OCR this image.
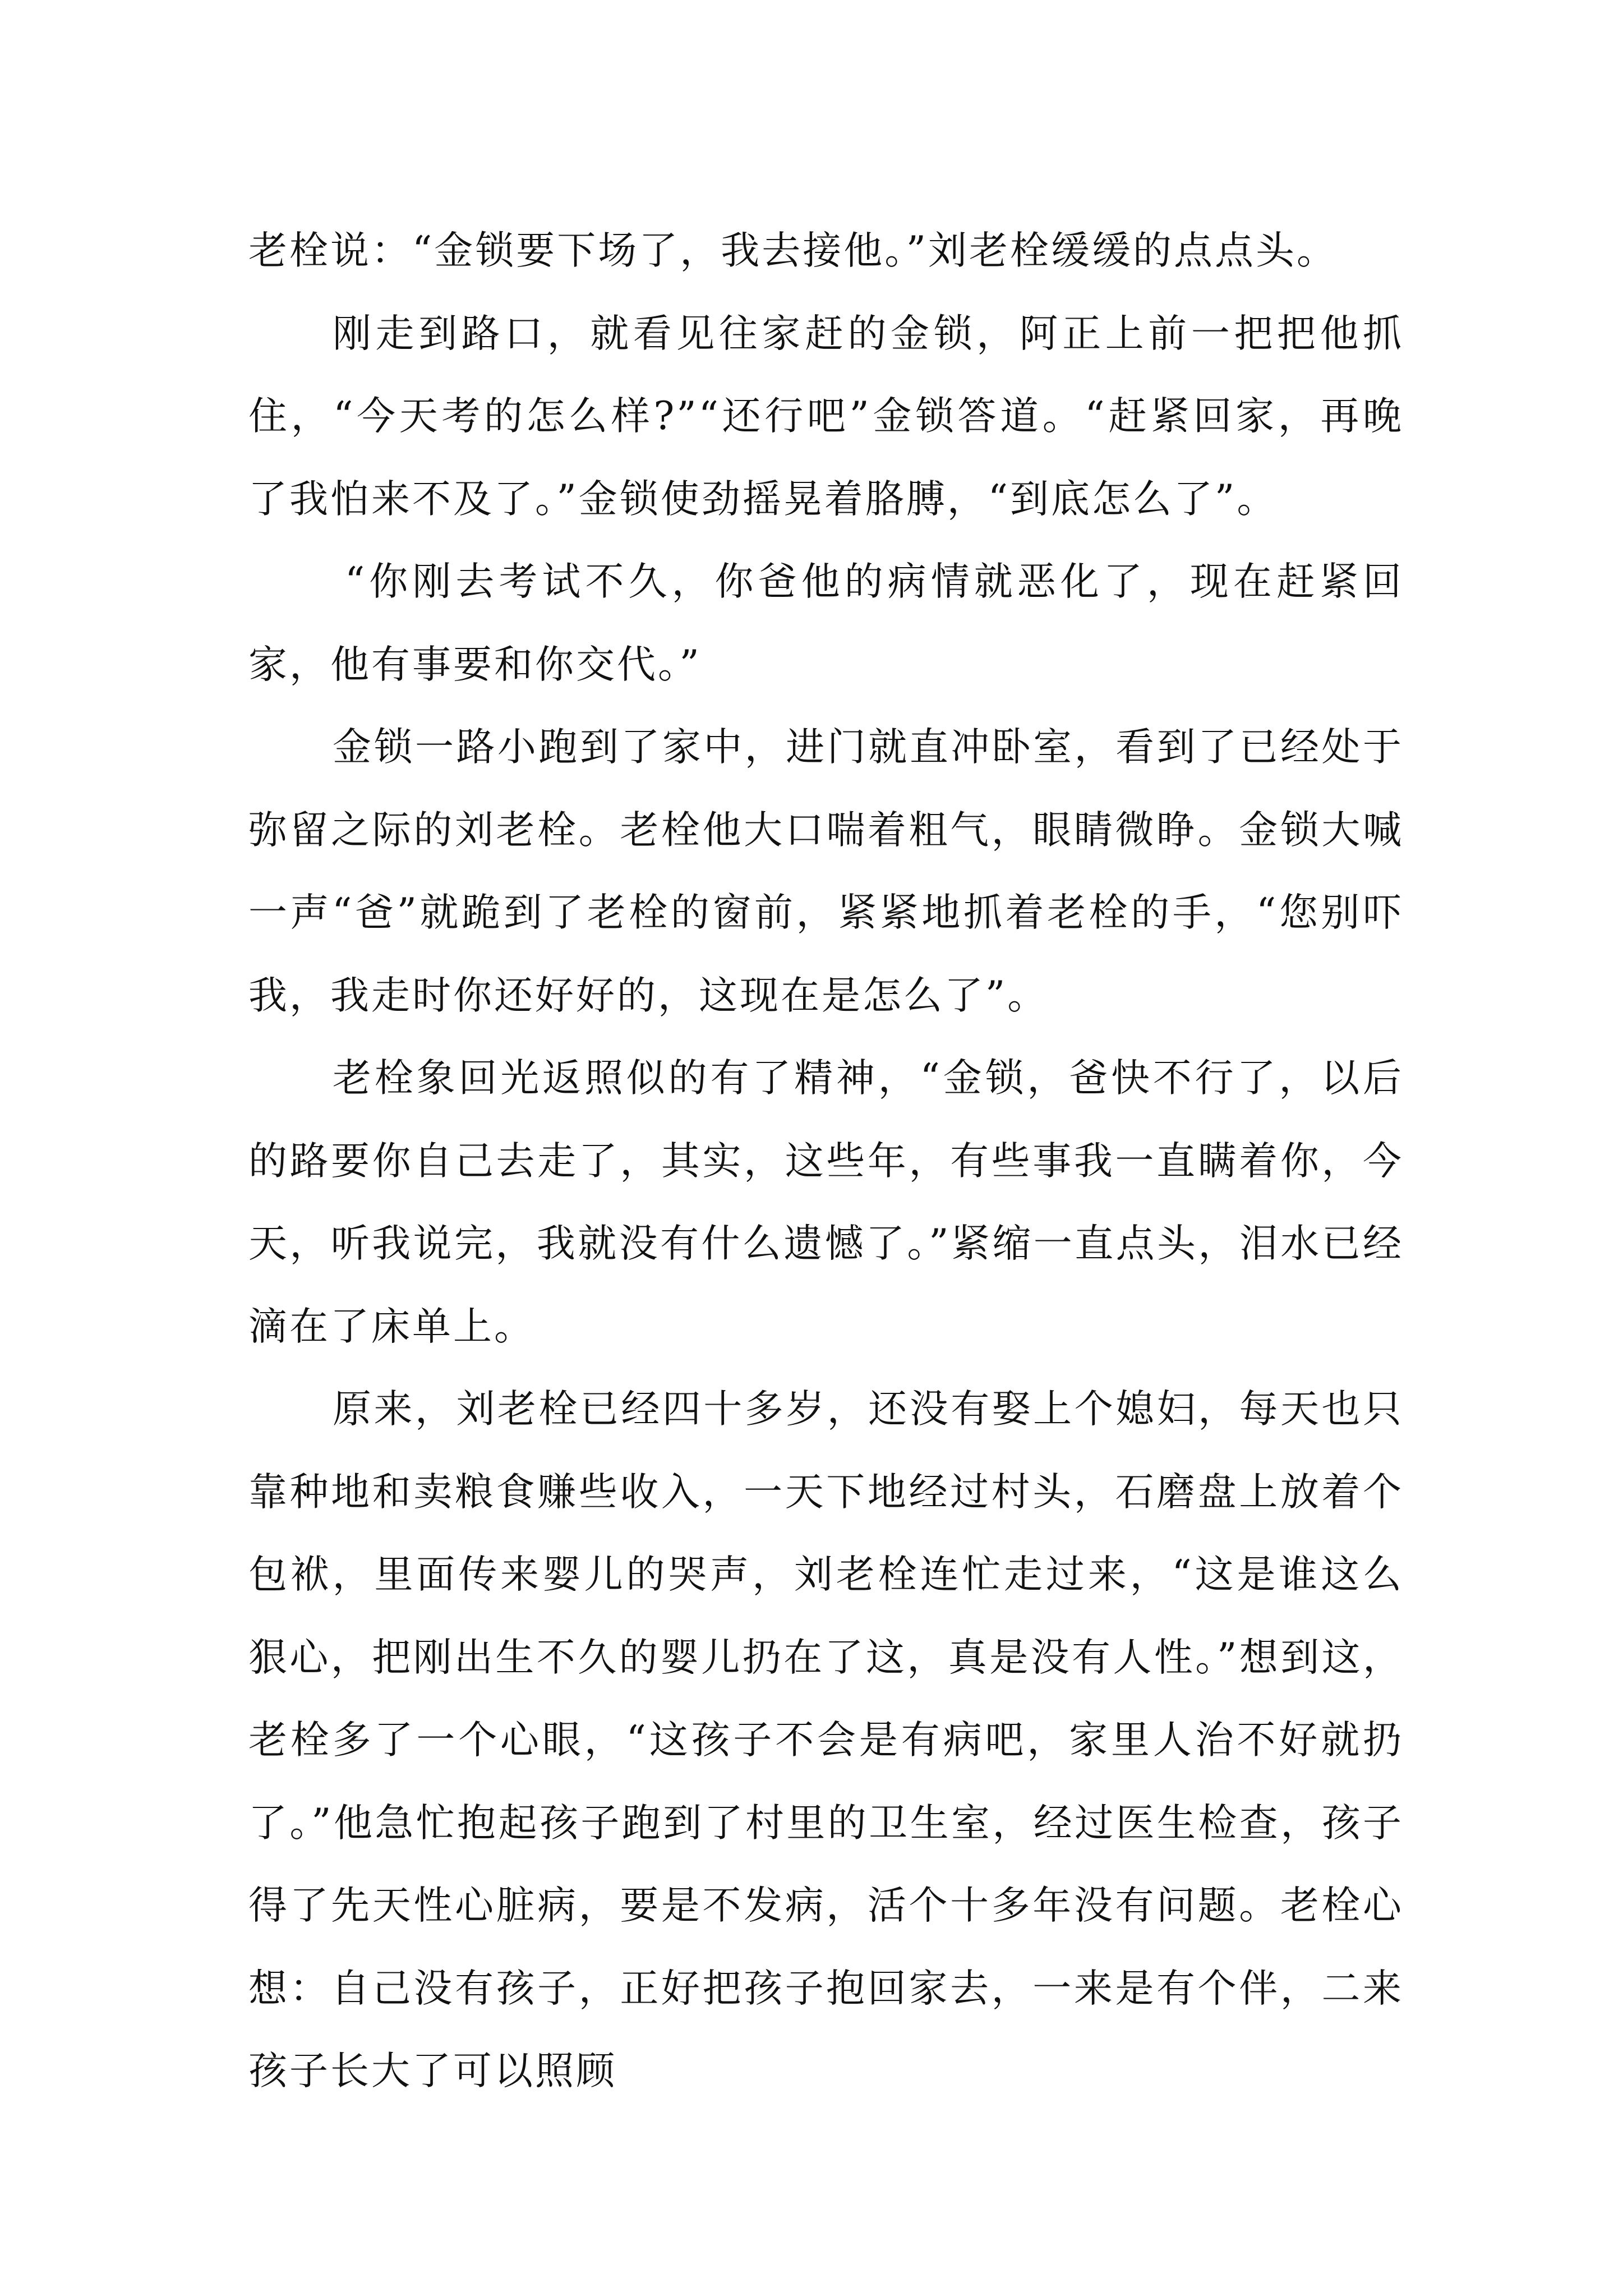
老栓说：“金锁要下场了，我去接他。”刘老栓缓缓的点点头。

刚走到路口，就看见往家赶的金锁，阿正上前一把把他抓住，“今天考的怎么样?”“还行吧”金锁答道。“赶紧回家，再晚了我怕来不及了。”金锁使劲摇晃着胳膊，“到底怎么了”。

“你刚去考试不久，你爸他的病情就恶化了，现在赶紧回家，他有事要和你交代。”

金锁一路小跑到了家中，进门就直冲卧室，看到了已经处于弥留之际的刘老栓。老栓他大口喘着粗气，眼睛微睁。金锁大喊一声“爸”就跪到了老栓的窗前，紧紧地抓着老栓的手，“您别吓我，我走时你还好好的，这现在是怎么了”。

老栓象回光返照似的有了精神，“金锁，爸快不行了，以后的路要你自己去走了，其实，这些年，有些事我一直瞒着你，今天，听我说完，我就没有什么遗憾了。”紧缩一直点头，泪水已经滴在了床单上。

原来，刘老栓已经四十多岁，还没有娶上个媳妇，每天也只靠种地和卖粮食赚些收入，一天下地经过村头，石磨盘上放着个包袱，里面传来婴儿的哭声，刘老栓连忙走过来，“这是谁这么狠心，把刚出生不久的婴儿扔在了这，真是没有人性。”想到这，老栓多了一个心眼，“这孩子不会是有病吧，家里人治不好就扔了。”他急忙抱起孩子跑到了村里的卫生室，经过医生检查，孩子得了先天性心脏病，要是不发病，活个十多年没有问题。老栓心想：自己没有孩子，正好把孩子抱回家去，一来是有个伴，二来孩子长大了可以照顾
